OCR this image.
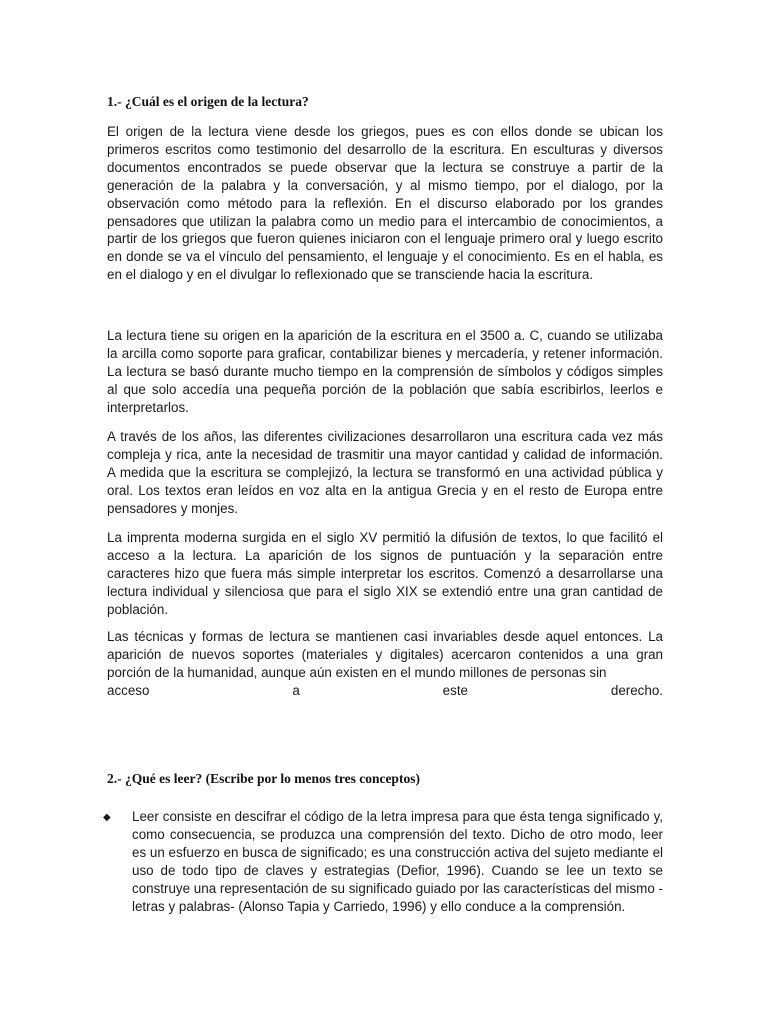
1.- ¿Cuál es el origen de la lectura?

El origen de la lectura viene desde los griegos, pues es con ellos donde se ubican los primeros escritos como testimonio del desarrollo de la escritura. En esculturas y diversos documentos encontrados se puede observar que la lectura se construye a partir de la generación de la palabra y la conversación, y al mismo tiempo, por el dialogo, por la observación como método para la reflexión. En el discurso elaborado por los grandes pensadores que utilizan la palabra como un medio para el intercambio de conocimientos, a partir de los griegos que fueron quienes iniciaron con el lenguaje primero oral y luego escrito en donde se va el vínculo del pensamiento, el lenguaje y el conocimiento. Es en el habla, es en el dialogo y en el divulgar lo reflexionado que se transciende hacia la escritura.

La lectura tiene su origen en la aparición de la escritura en el 3500 a. C, cuando se utilizaba la arcilla como soporte para graficar, contabilizar bienes y mercadería, y retener información. La lectura se basó durante mucho tiempo en la comprensión de símbolos y códigos simples al que solo accedía una pequeña porción de la población que sabía escribirlos, leerlos e interpretarlos.

A través de los años, las diferentes civilizaciones desarrollaron una escritura cada vez más compleja y rica, ante la necesidad de trasmitir una mayor cantidad y calidad de información. A medida que la escritura se complejizó, la lectura se transformó en una actividad pública y oral. Los textos eran leídos en voz alta en la antigua Grecia y en el resto de Europa entre pensadores y monjes.

La imprenta moderna surgida en el siglo XV permitió la difusión de textos, lo que facilitó el acceso a la lectura. La aparición de los signos de puntuación y la separación entre caracteres hizo que fuera más simple interpretar los escritos. Comenzó a desarrollarse una lectura individual y silenciosa que para el siglo XIX se extendió entre una gran cantidad de población.

Las técnicas y formas de lectura se mantienen casi invariables desde aquel entonces. La aparición de nuevos soportes (materiales y digitales) acercaron contenidos a una gran porción de la humanidad, aunque aún existen en el mundo millones de personas sin
acceso	a	este	derecho.
2.- ¿Qué es leer? (Escribe por lo menos tres conceptos)
◆ Leer consiste en descifrar el código de la letra impresa para que ésta tenga significado y, como consecuencia, se produzca una comprensión del texto. Dicho de otro modo, leer es un esfuerzo en busca de significado; es una construcción activa del sujeto mediante el uso de todo tipo de claves y estrategias (Defior, 1996). Cuando se lee un texto se construye una representación de su significado guiado por las características del mismo -letras y palabras- (Alonso Tapia y Carriedo, 1996) y ello conduce a la comprensión.
